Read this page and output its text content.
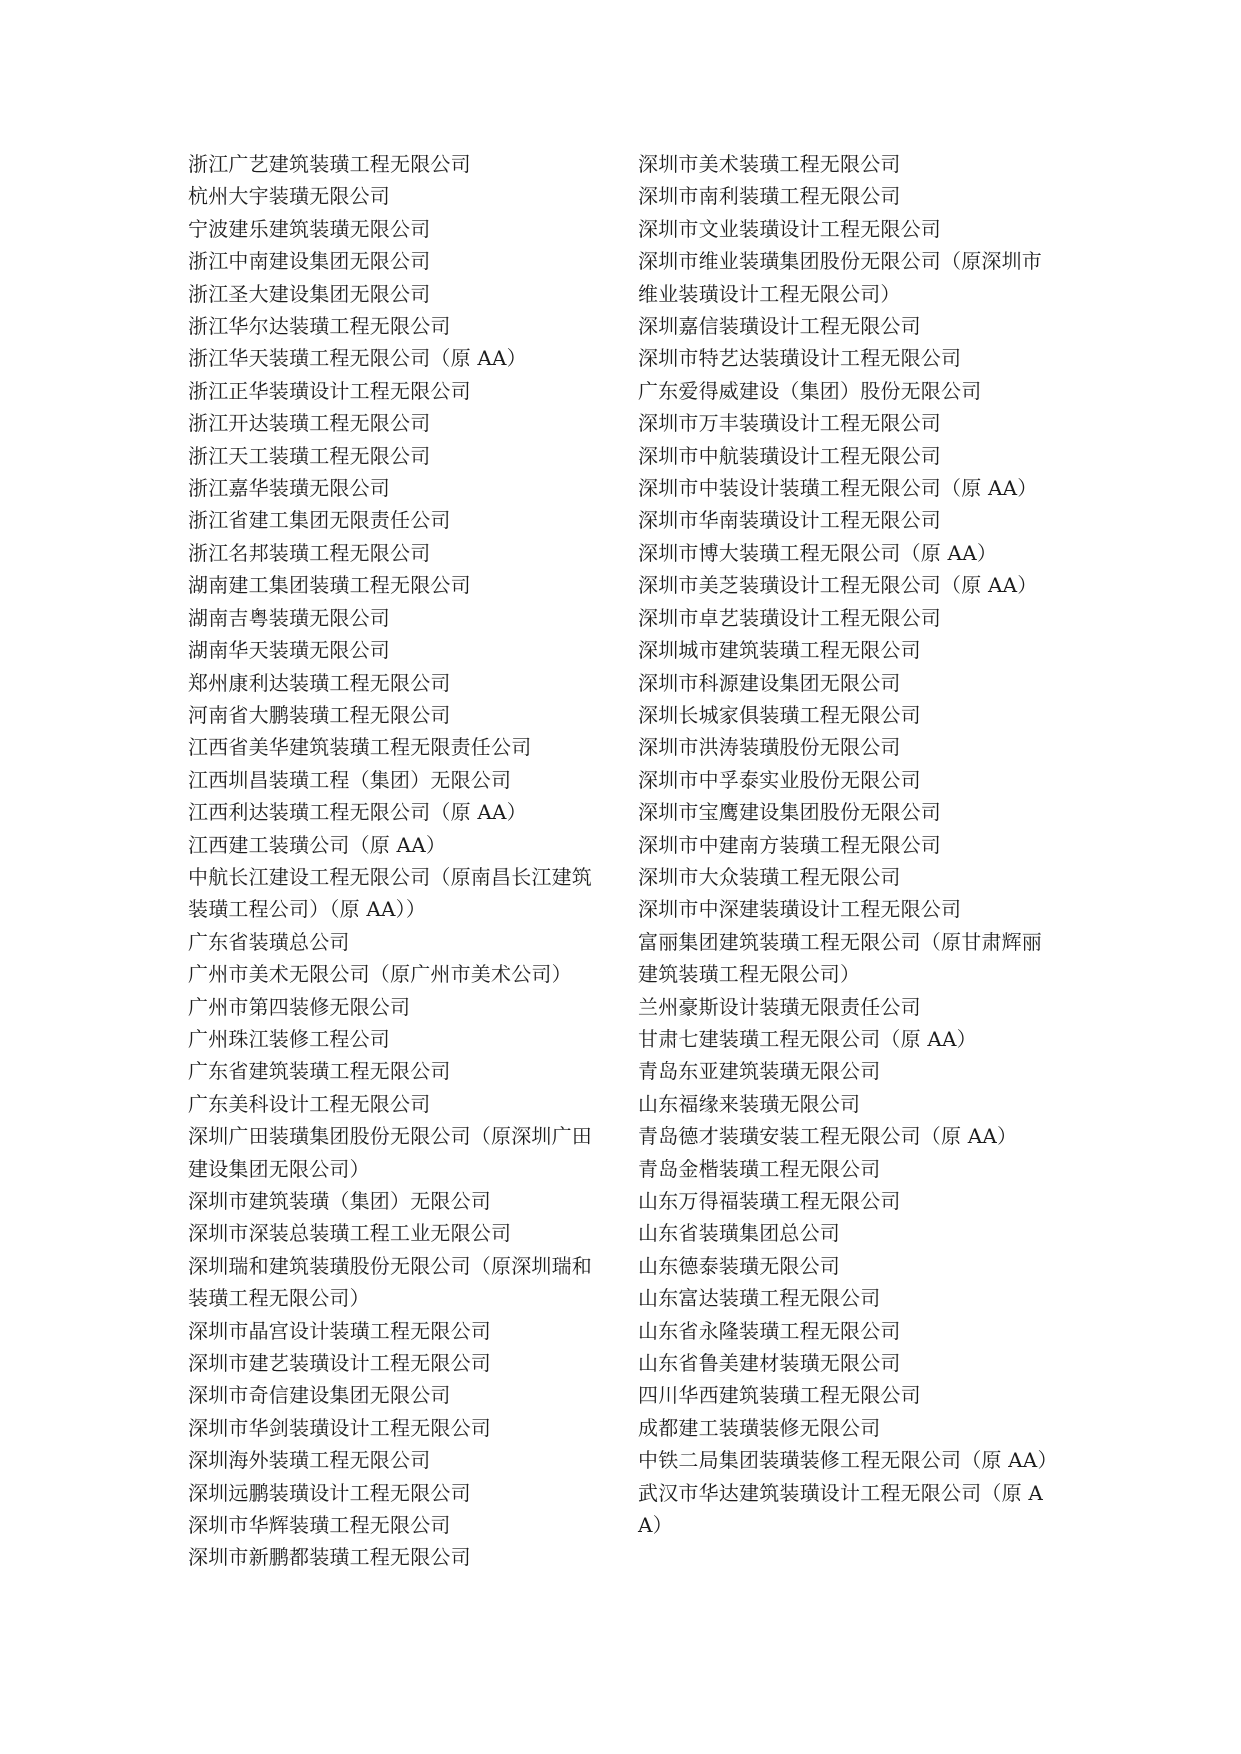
浙江广艺建筑装璜工程无限公司
杭州大宇装璜无限公司
宁波建乐建筑装璜无限公司
浙江中南建设集团无限公司
浙江圣大建设集团无限公司
浙江华尔达装璜工程无限公司
浙江华天装璜工程无限公司（原 AA）
浙江正华装璜设计工程无限公司
浙江开达装璜工程无限公司
浙江天工装璜工程无限公司
浙江嘉华装璜无限公司
浙江省建工集团无限责任公司
浙江名邦装璜工程无限公司
湖南建工集团装璜工程无限公司
湖南吉粤装璜无限公司
湖南华天装璜无限公司
郑州康利达装璜工程无限公司
河南省大鹏装璜工程无限公司
江西省美华建筑装璜工程无限责任公司
江西圳昌装璜工程（集团）无限公司
江西利达装璜工程无限公司（原 AA）
江西建工装璜公司（原 AA）
中航长江建设工程无限公司（原南昌长江建筑装璜工程公司）（原 AA））
广东省装璜总公司
广州市美术无限公司（原广州市美术公司）
广州市第四装修无限公司
广州珠江装修工程公司
广东省建筑装璜工程无限公司
广东美科设计工程无限公司
深圳广田装璜集团股份无限公司（原深圳广田建设集团无限公司）
深圳市建筑装璜（集团）无限公司
深圳市深装总装璜工程工业无限公司
深圳瑞和建筑装璜股份无限公司（原深圳瑞和装璜工程无限公司）
深圳市晶宫设计装璜工程无限公司
深圳市建艺装璜设计工程无限公司
深圳市奇信建设集团无限公司
深圳市华剑装璜设计工程无限公司
深圳海外装璜工程无限公司
深圳远鹏装璜设计工程无限公司
深圳市华辉装璜工程无限公司
深圳市新鹏都装璜工程无限公司
深圳市美术装璜工程无限公司
深圳市南利装璜工程无限公司
深圳市文业装璜设计工程无限公司
深圳市维业装璜集团股份无限公司（原深圳市维业装璜设计工程无限公司）
深圳嘉信装璜设计工程无限公司
深圳市特艺达装璜设计工程无限公司
广东爱得威建设（集团）股份无限公司
深圳市万丰装璜设计工程无限公司
深圳市中航装璜设计工程无限公司
深圳市中装设计装璜工程无限公司（原 AA）
深圳市华南装璜设计工程无限公司
深圳市博大装璜工程无限公司（原 AA）
深圳市美芝装璜设计工程无限公司（原 AA）
深圳市卓艺装璜设计工程无限公司
深圳城市建筑装璜工程无限公司
深圳市科源建设集团无限公司
深圳长城家俱装璜工程无限公司
深圳市洪涛装璜股份无限公司
深圳市中孚泰实业股份无限公司
深圳市宝鹰建设集团股份无限公司
深圳市中建南方装璜工程无限公司
深圳市大众装璜工程无限公司
深圳市中深建装璜设计工程无限公司
富丽集团建筑装璜工程无限公司（原甘肃辉丽建筑装璜工程无限公司）
兰州豪斯设计装璜无限责任公司
甘肃七建装璜工程无限公司（原 AA）
青岛东亚建筑装璜无限公司
山东福缘来装璜无限公司
青岛德才装璜安装工程无限公司（原 AA）
青岛金楷装璜工程无限公司
山东万得福装璜工程无限公司
山东省装璜集团总公司
山东德泰装璜无限公司
山东富达装璜工程无限公司
山东省永隆装璜工程无限公司
山东省鲁美建材装璜无限公司
四川华西建筑装璜工程无限公司
成都建工装璜装修无限公司
中铁二局集团装璜装修工程无限公司（原 AA）
武汉市华达建筑装璜设计工程无限公司（原 AA）
